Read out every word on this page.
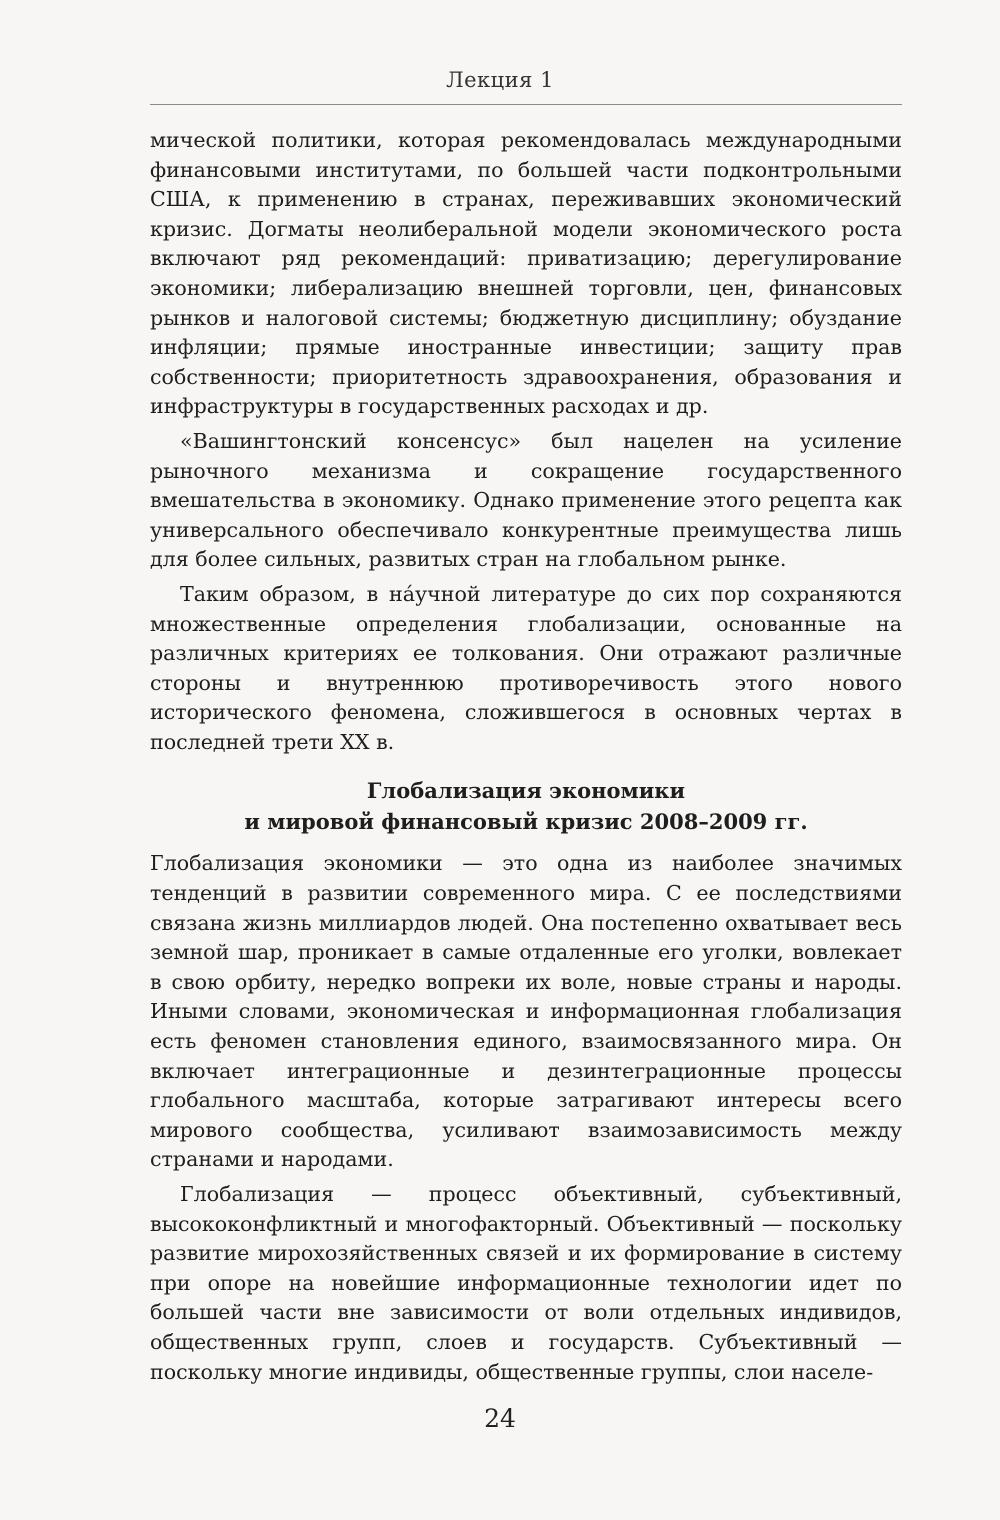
Лекция 1

мической политики, которая рекомендовалась международными финансовыми институтами, по большей части подконтрольными США, к применению в странах, переживавших экономический кризис. Догматы неолиберальной модели экономического роста включают ряд рекомендаций: приватизацию; дерегулирование экономики; либерализацию внешней торговли, цен, финансовых рынков и налоговой системы; бюджетную дисциплину; обуздание инфляции; прямые иностранные инвестиции; защиту прав собственности; приоритетность здравоохранения, образования и инфраструктуры в государственных расходах и др.

«Вашингтонский консенсус» был нацелен на усиление рыночного механизма и сокращение государственного вмешательства в экономику. Однако применение этого рецепта как универсального обеспечивало конкурентные преимущества лишь для более сильных, развитых стран на глобальном рынке.

Таким образом, в на́учной литературе до сих пор сохраняются множественные определения глобализации, основанные на различных критериях ее толкования. Они отражают различные стороны и внутреннюю противоречивость этого нового исторического феномена, сложившегося в основных чертах в последней трети XX в.

Глобализация экономики
и мировой финансовый кризис 2008–2009 гг.

Глобализация экономики — это одна из наиболее значимых тенденций в развитии современного мира. С ее последствиями связана жизнь миллиардов людей. Она постепенно охватывает весь земной шар, проникает в самые отдаленные его уголки, вовлекает в свою орбиту, нередко вопреки их воле, новые страны и народы. Иными словами, экономическая и информационная глобализация есть феномен становления единого, взаимосвязанного мира. Он включает интеграционные и дезинтеграционные процессы глобального масштаба, которые затрагивают интересы всего мирового сообщества, усиливают взаимозависимость между странами и народами.

Глобализация — процесс объективный, субъективный, высококонфликтный и многофакторный. Объективный — поскольку развитие мирохозяйственных связей и их формирование в систему при опоре на новейшие информационные технологии идет по большей части вне зависимости от воли отдельных индивидов, общественных групп, слоев и государств. Субъективный — поскольку многие индивиды, общественные группы, слои населе-

24
